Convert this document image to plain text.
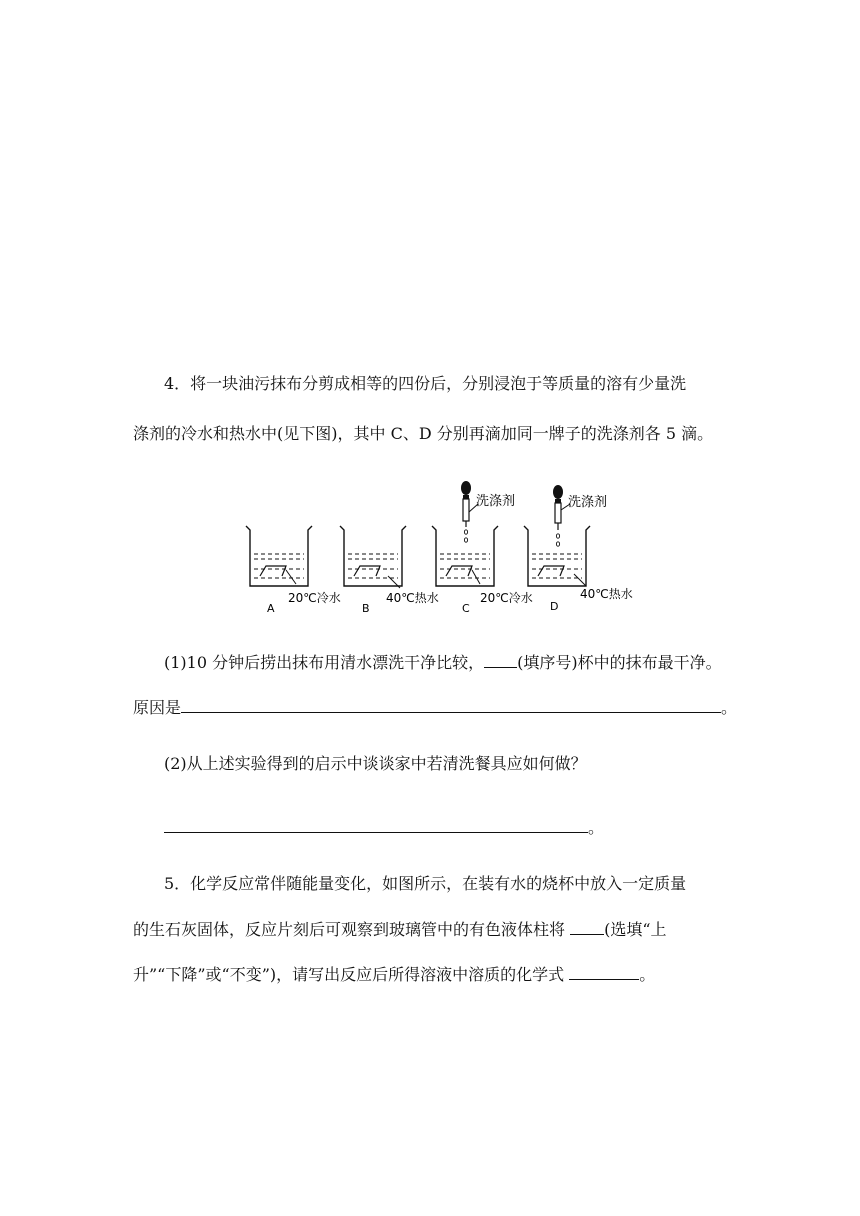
4．将一块油污抹布分剪成相等的四份后，分别浸泡于等质量的溶有少量洗
涤剂的冷水和热水中(见下图)，其中 C、D 分别再滴加同一牌子的洗涤剂各 5 滴。
20℃冷水
A
40℃热水
B
洗涤剂
20℃冷水
C
洗涤剂
40℃热水
D
(1)10 分钟后捞出抹布用清水漂洗干净比较， (填序号)杯中的抹布最干净。
原因是	。
(2)从上述实验得到的启示中谈谈家中若清洗餐具应如何做？
。
5．化学反应常伴随能量变化，如图所示，在装有水的烧杯中放入一定质量
的生石灰固体，反应片刻后可观察到玻璃管中的有色液体柱将 (选填“上
升”“下降”或“不变”)，请写出反应后所得溶液中溶质的化学式	。
